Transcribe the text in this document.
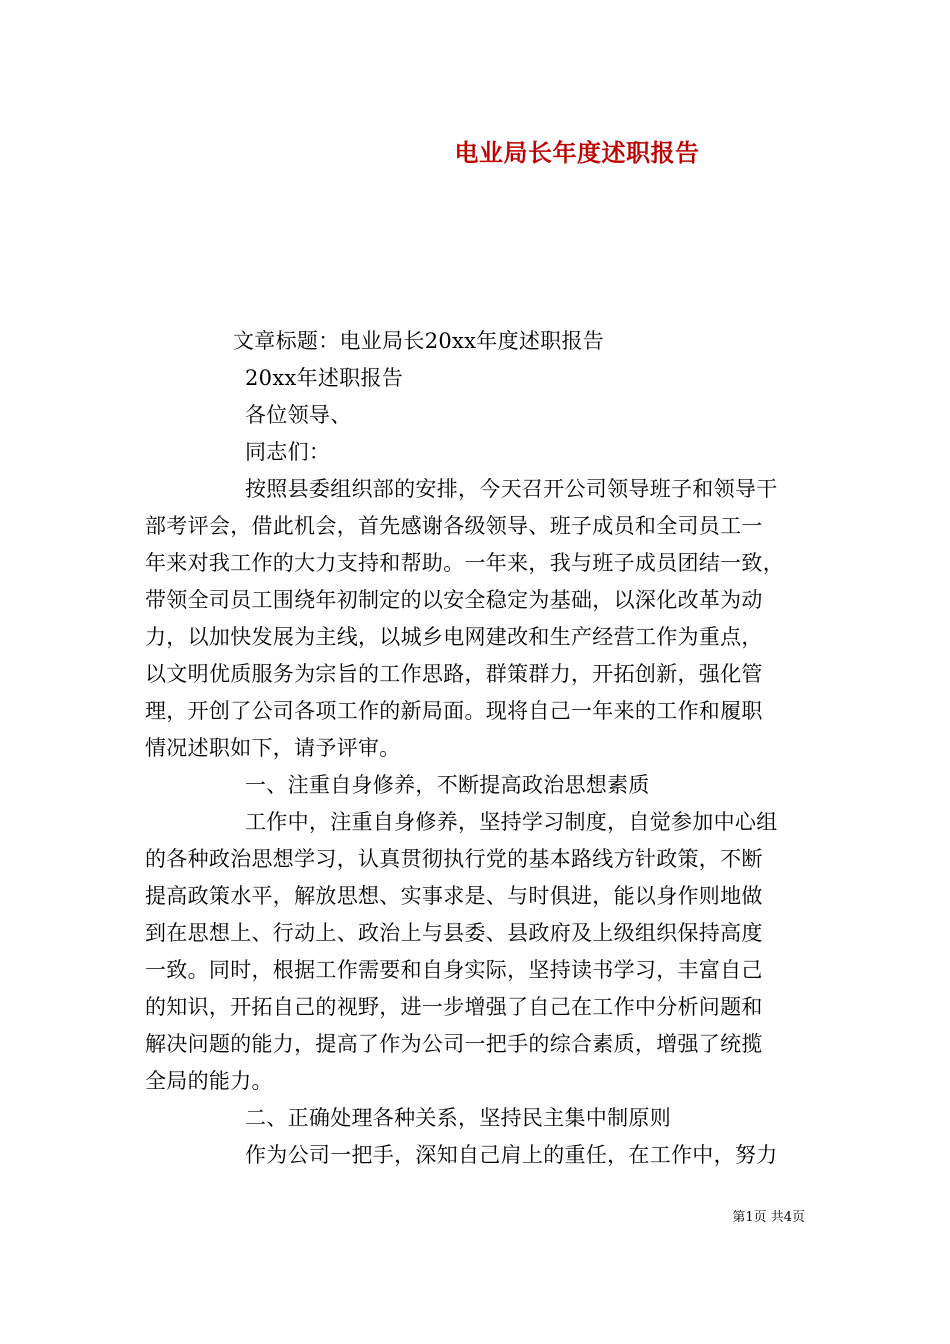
电业局长年度述职报告
文章标题：电业局长20xx年度述职报告
20xx年述职报告
各位领导、
同志们：
按照县委组织部的安排，今天召开公司领导班子和领导干
部考评会，借此机会，首先感谢各级领导、班子成员和全司员工一
年来对我工作的大力支持和帮助。一年来，我与班子成员团结一致，
带领全司员工围绕年初制定的以安全稳定为基础，以深化改革为动
力，以加快发展为主线，以城乡电网建改和生产经营工作为重点，
以文明优质服务为宗旨的工作思路，群策群力，开拓创新，强化管
理，开创了公司各项工作的新局面。现将自己一年来的工作和履职
情况述职如下，请予评审。
一、注重自身修养，不断提高政治思想素质
工作中，注重自身修养，坚持学习制度，自觉参加中心组
的各种政治思想学习，认真贯彻执行党的基本路线方针政策，不断
提高政策水平，解放思想、实事求是、与时俱进，能以身作则地做
到在思想上、行动上、政治上与县委、县政府及上级组织保持高度
一致。同时，根据工作需要和自身实际，坚持读书学习，丰富自己
的知识，开拓自己的视野，进一步增强了自己在工作中分析问题和
解决问题的能力，提高了作为公司一把手的综合素质，增强了统揽
全局的能力。
二、正确处理各种关系，坚持民主集中制原则
作为公司一把手，深知自己肩上的重任，在工作中，努力
第1页 共4页
